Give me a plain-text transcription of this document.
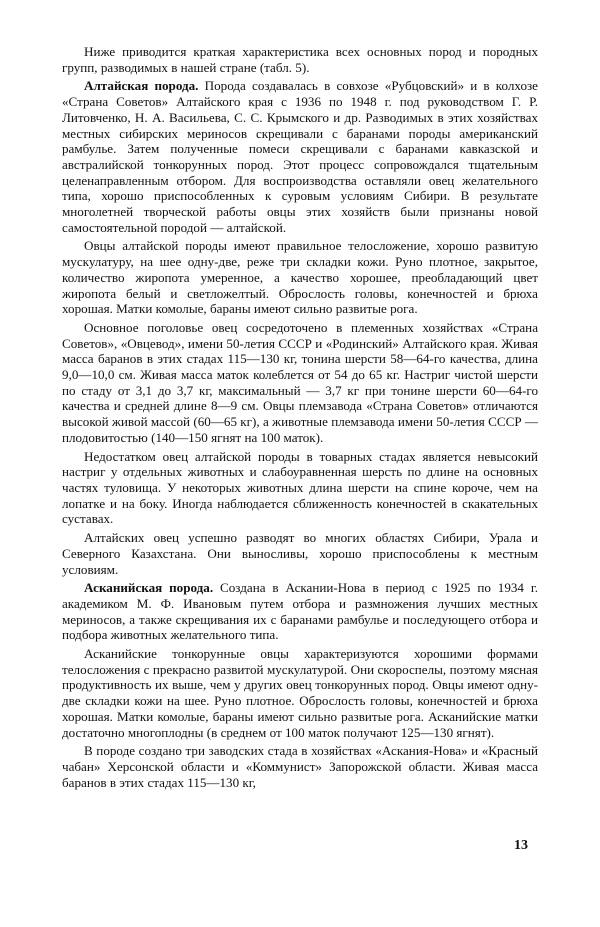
Ниже приводится краткая характеристика всех основных пород и породных групп, разводимых в нашей стране (табл. 5).

Алтайская порода. Порода создавалась в совхозе «Рубцовский» и в колхозе «Страна Советов» Алтайского края с 1936 по 1948 г. под руководством Г. Р. Литовченко, Н. А. Васильева, С. С. Крымского и др. Разводимых в этих хозяйствах местных сибирских мериносов скрещивали с баранами породы американский рамбулье. Затем полученные помеси скрещивали с баранами кавказской и австралийской тонкорунных пород. Этот процесс сопровождался тщательным целенаправленным отбором. Для воспроизводства оставляли овец желательного типа, хорошо приспособленных к суровым условиям Сибири. В результате многолетней творческой работы овцы этих хозяйств были признаны новой самостоятельной породой — алтайской.

Овцы алтайской породы имеют правильное телосложение, хорошо развитую мускулатуру, на шее одну-две, реже три складки кожи. Руно плотное, закрытое, количество жиропота умеренное, а качество хорошее, преобладающий цвет жиропота белый и светложелтый. Оброслость головы, конечностей и брюха хорошая. Матки комолые, бараны имеют сильно развитые рога.

Основное поголовье овец сосредоточено в племенных хозяйствах «Страна Советов», «Овцевод», имени 50-летия СССР и «Родинский» Алтайского края. Живая масса баранов в этих стадах 115—130 кг, тонина шерсти 58—64-го качества, длина 9,0—10,0 см. Живая масса маток колеблется от 54 до 65 кг. Настриг чистой шерсти по стаду от 3,1 до 3,7 кг, максимальный — 3,7 кг при тонине шерсти 60—64-го качества и средней длине 8—9 см. Овцы племзавода «Страна Советов» отличаются высокой живой массой (60—65 кг), а животные племзавода имени 50-летия СССР — плодовитостью (140—150 ягнят на 100 маток).

Недостатком овец алтайской породы в товарных стадах является невысокий настриг у отдельных животных и слабоуравненная шерсть по длине на основных частях туловища. У некоторых животных длина шерсти на спине короче, чем на лопатке и на боку. Иногда наблюдается сближенность конечностей в скакательных суставах.

Алтайских овец успешно разводят во многих областях Сибири, Урала и Северного Казахстана. Они выносливы, хорошо приспособлены к местным условиям.

Асканийская порода. Создана в Аскании-Нова в период с 1925 по 1934 г. академиком М. Ф. Ивановым путем отбора и размножения лучших местных мериносов, а также скрещивания их с баранами рамбулье и последующего отбора и подбора животных желательного типа.

Асканийские тонкорунные овцы характеризуются хорошими формами телосложения с прекрасно развитой мускулатурой. Они скороспелы, поэтому мясная продуктивность их выше, чем у других овец тонкорунных пород. Овцы имеют одну-две складки кожи на шее. Руно плотное. Оброслость головы, конечностей и брюха хорошая. Матки комолые, бараны имеют сильно развитые рога. Асканийские матки достаточно многоплодны (в среднем от 100 маток получают 125—130 ягнят).

В породе создано три заводских стада в хозяйствах «Аскания-Нова» и «Красный чабан» Херсонской области и «Коммунист» Запорожской области. Живая масса баранов в этих стадах 115—130 кг,

13
